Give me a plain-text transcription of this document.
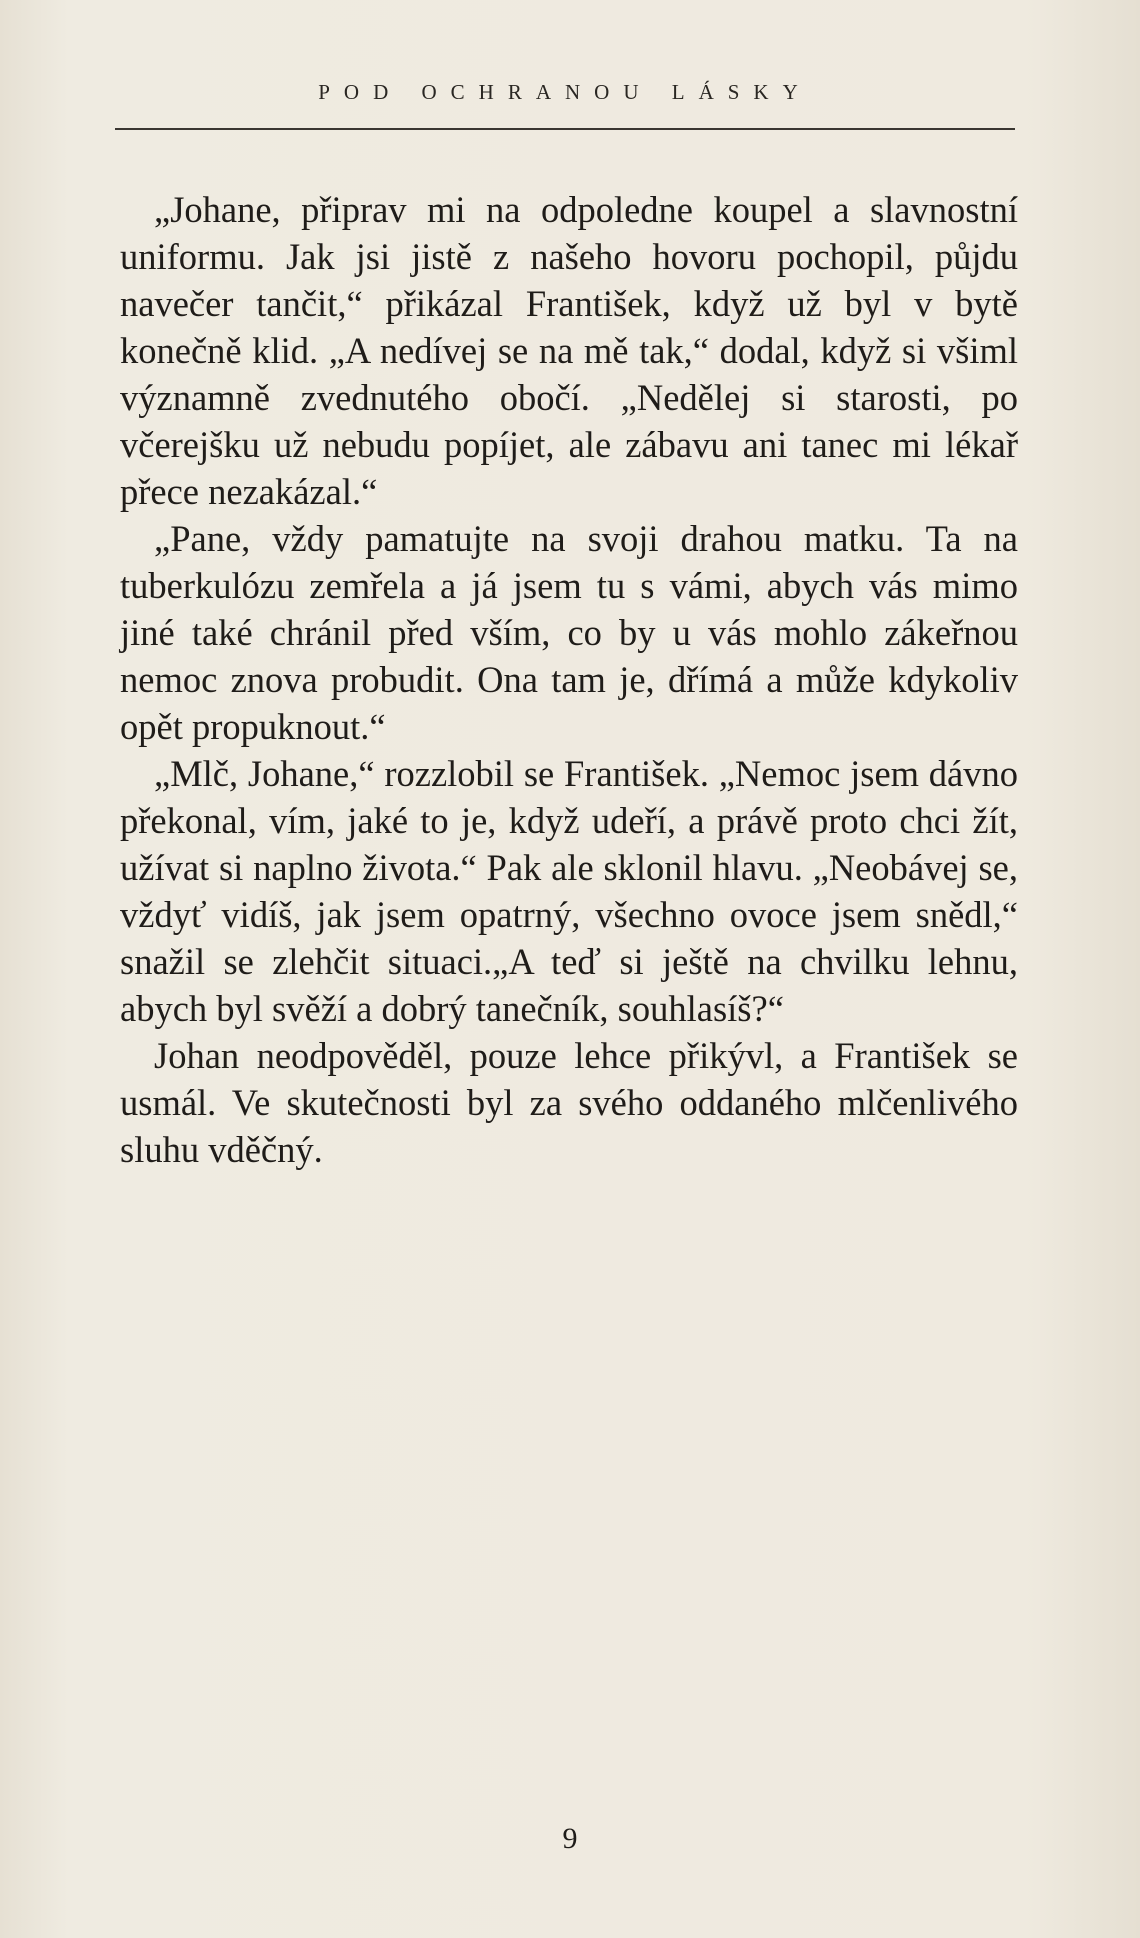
POD OCHRANOU LÁSKY

„Johane, připrav mi na odpoledne koupel a slavnostní uniformu. Jak jsi jistě z našeho hovoru pochopil, půjdu navečer tančit,“ přikázal František, když už byl v bytě konečně klid. „A nedívej se na mě tak,“ dodal, když si všiml významně zvednutého obočí. „Nedělej si starosti, po včerejšku už nebudu popíjet, ale zábavu ani tanec mi lékař přece nezakázal.“

„Pane, vždy pamatujte na svoji drahou matku. Ta na tuberkulózu zemřela a já jsem tu s vámi, abych vás mimo jiné také chránil před vším, co by u vás mohlo zákeřnou nemoc znova probudit. Ona tam je, dřímá a může kdykoliv opět propuknout.“

„Mlč, Johane,“ rozzlobil se František. „Nemoc jsem dávno překonal, vím, jaké to je, když udeří, a právě proto chci žít, užívat si naplno života.“ Pak ale sklonil hlavu. „Neobávej se, vždyť vidíš, jak jsem opatrný, všechno ovoce jsem snědl,“ snažil se zlehčit situaci.„A teď si ještě na chvilku lehnu, abych byl svěží a dobrý tanečník, souhlasíš?“

Johan neodpověděl, pouze lehce přikývl, a František se usmál. Ve skutečnosti byl za svého oddaného mlčenlivého sluhu vděčný.

9
